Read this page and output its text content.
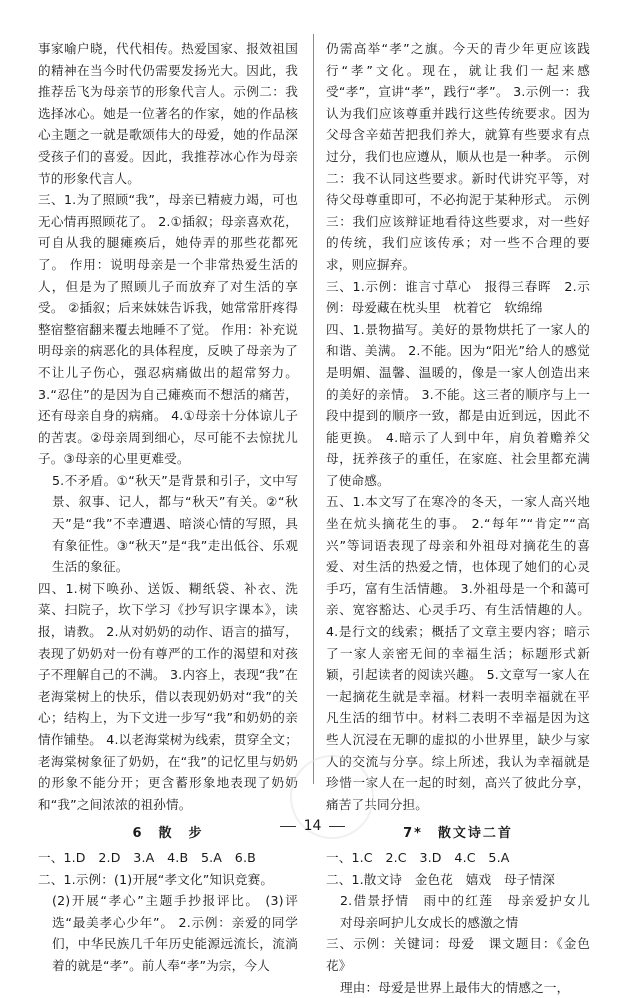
事家喻户晓，代代相传。热爱国家、报效祖国的精神在当今时代仍需要发扬光大。因此，我推荐岳飞为母亲节的形象代言人。示例二：我选择冰心。她是一位著名的作家，她的作品核心主题之一就是歌颂伟大的母爱，她的作品深受孩子们的喜爱。因此，我推荐冰心作为母亲节的形象代言人。

三、1.为了照顾“我”，母亲已精疲力竭，可也无心情再照顾花了。 2.①插叙；母亲喜欢花，可自从我的腿瘫痪后，她侍弄的那些花都死了。 作用：说明母亲是一个非常热爱生活的人，但是为了照顾儿子而放弃了对生活的享受。 ②插叙；后来妹妹告诉我，她常常肝疼得整宿整宿翻来覆去地睡不了觉。 作用：补充说明母亲的病恶化的具体程度，反映了母亲为了不让儿子伤心，强忍病痛做出的超常努力。 3.“忍住”的是因为自己瘫痪而不想活的痛苦，还有母亲自身的病痛。 4.①母亲十分体谅儿子的苦衷。②母亲周到细心，尽可能不去惊扰儿子。③母亲的心里更难受。

5.不矛盾。①“秋天”是背景和引子，文中写景、叙事、记人，都与“秋天”有关。②“秋天”是“我”不幸遭遇、暗淡心情的写照，具有象征性。③“秋天”是“我”走出低谷、乐观生活的象征。

四、1.树下唤孙、送饭、糊纸袋、补衣、洗菜、扫院子，坎下学习《抄写识字课本》，读报，请教。 2.从对奶奶的动作、语言的描写，表现了奶奶对一份有尊严的工作的渴望和对孩子不理解自己的不满。 3.内容上，表现“我”在老海棠树上的快乐，借以表现奶奶对“我”的关心；结构上，为下文进一步写“我”和奶奶的亲情作铺垫。 4.以老海棠树为线索，贯穿全文；老海棠树象征了奶奶，在“我”的记忆里与奶奶的形象不能分开；更含蓄形象地表现了奶奶和“我”之间浓浓的祖孙情。

6　散　步

一、1.D　2.D　3.A　4.B　5.A　6.B

二、1.示例：(1)开展“孝文化”知识竞赛。

(2)开展“孝心”主题手抄报评比。 (3)评选“最美孝心少年”。 2.示例：亲爱的同学们，中华民族几千年历史能源远流长，流淌着的就是“孝”。前人奉“孝”为宗，今人

仍需高举“孝”之旗。今天的青少年更应该践行“孝”文化。现在，就让我们一起来感受“孝”，宣讲“孝”，践行“孝”。 3.示例一：我认为我们应该尊重并践行这些传统要求。因为父母含辛茹苦把我们养大，就算有些要求有点过分，我们也应遵从，顺从也是一种孝。 示例二：我不认同这些要求。新时代讲究平等，对待父母尊重即可，不必拘泥于某种形式。 示例三：我们应该辩证地看待这些要求，对一些好的传统，我们应该传承；对一些不合理的要求，则应摒弃。

三、1.示例：谁言寸草心　报得三春晖　2.示例：母爱藏在枕头里　枕着它　软绵绵

四、1.景物描写。美好的景物烘托了一家人的和谐、美满。 2.不能。因为“阳光”给人的感觉是明媚、温馨、温暖的，像是一家人创造出来的美好的亲情。 3.不能。这三者的顺序与上一段中提到的顺序一致，都是由近到远，因此不能更换。 4.暗示了人到中年，肩负着赡养父母，抚养孩子的重任，在家庭、社会里都充满了使命感。

五、1.本文写了在寒冷的冬天，一家人高兴地坐在炕头摘花生的事。 2.“每年”“肯定”“高兴”等词语表现了母亲和外祖母对摘花生的喜爱、对生活的热爱之情，也体现了她们的心灵手巧，富有生活情趣。 3.外祖母是一个和蔼可亲、宽容豁达、心灵手巧、有生活情趣的人。 4.是行文的线索；概括了文章主要内容；暗示了一家人亲密无间的幸福生活；标题形式新颖，引起读者的阅读兴趣。 5.文章写一家人在一起摘花生就是幸福。材料一表明幸福就在平凡生活的细节中。材料二表明不幸福是因为这些人沉浸在无聊的虚拟的小世界里，缺少与家人的交流与分享。综上所述，我认为幸福就是珍惜一家人在一起的时刻，高兴了彼此分享，痛苦了共同分担。

7*　散文诗二首

一、1.C　2.C　3.D　4.C　5.A

二、1.散文诗　金色花　嬉戏　母子情深

2.借景抒情　雨中的红莲　母亲爱护女儿　对母亲呵护儿女成长的感激之情

三、示例：关键词：母爱　课文题目：《金色花》

理由：母爱是世界上最伟大的情感之一，

14
